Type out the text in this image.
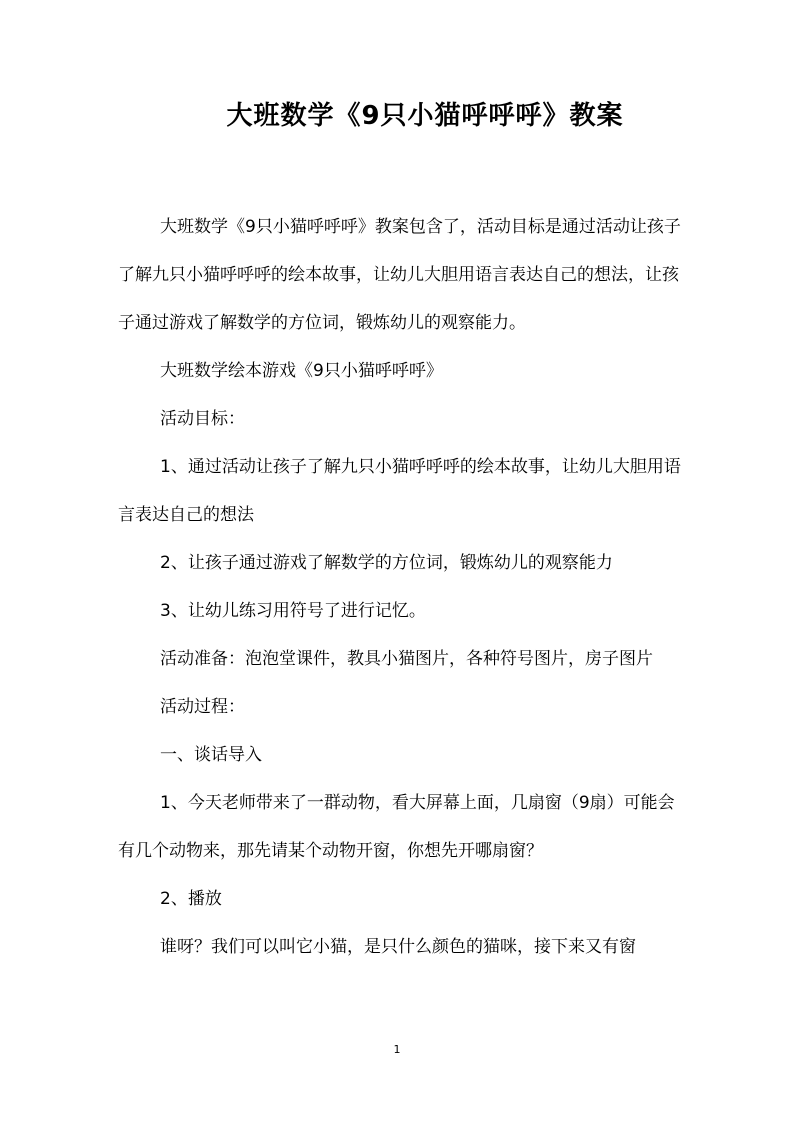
大班数学《9只小猫呼呼呼》教案

大班数学《9只小猫呼呼呼》教案包含了，活动目标是通过活动让孩子了解九只小猫呼呼呼的绘本故事，让幼儿大胆用语言表达自己的想法，让孩子通过游戏了解数学的方位词，锻炼幼儿的观察能力。

大班数学绘本游戏《9只小猫呼呼呼》

活动目标：

1、通过活动让孩子了解九只小猫呼呼呼的绘本故事，让幼儿大胆用语言表达自己的想法

2、让孩子通过游戏了解数学的方位词，锻炼幼儿的观察能力

3、让幼儿练习用符号了进行记忆。

活动准备：泡泡堂课件，教具小猫图片，各种符号图片，房子图片

活动过程：

一、谈话导入

1、今天老师带来了一群动物，看大屏幕上面，几扇窗（9扇）可能会有几个动物来，那先请某个动物开窗，你想先开哪扇窗？

2、播放

谁呀？我们可以叫它小猫，是只什么颜色的猫咪，接下来又有窗

1
